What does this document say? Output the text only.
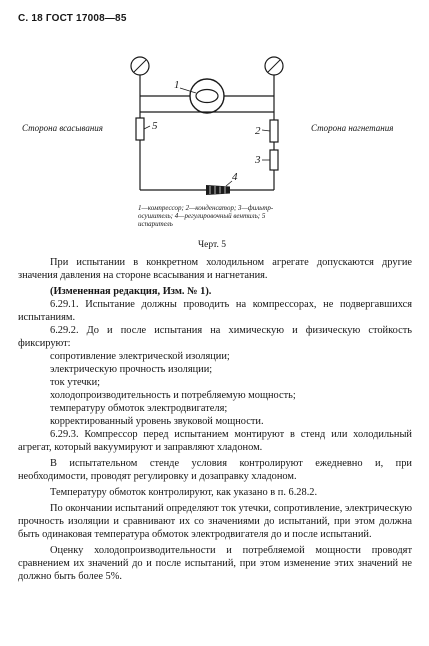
С. 18 ГОСТ 17008—85
1
2
3
4
5
Сторона всасывания	Сторона нагнетания
1—компрессор; 2—конденсатор; 3—фильтр-осушитель; 4—регулировочный вентиль; 5 испаритель
Черт. 5

При испытании в конкретном холодильном агрегате допускаются другие значения давления на стороне всасывания и нагнетания.

(Измененная редакция, Изм. № 1).

6.29.1. Испытание должны проводить на компрессорах, не подвергавшихся испытаниям.

6.29.2. До и после испытания на химическую и физическую стойкость фиксируют:

сопротивление электрической изоляции;

электрическую прочность изоляции;

ток утечки;

холодопроизводительность и потребляемую мощность;

температуру обмоток электродвигателя;

корректированный уровень звуковой мощности.

6.29.3. Компрессор перед испытанием монтируют в стенд или холодильный агрегат, который вакуумируют и заправляют хладоном.

В испытательном стенде условия контролируют ежедневно и, при необходимости, проводят регулировку и дозаправку хладоном.

Температуру обмоток контролируют, как указано в п. 6.28.2.

По окончании испытаний определяют ток утечки, сопротивление, электрическую прочность изоляции и сравнивают их со значениями до испытаний, при этом должна быть одинаковая температура обмоток электродвигателя до и после испытаний.

Оценку холодопроизводительности и потребляемой мощности проводят сравнением их значений до и после испытаний, при этом изменение этих значений не должно быть более 5%.
